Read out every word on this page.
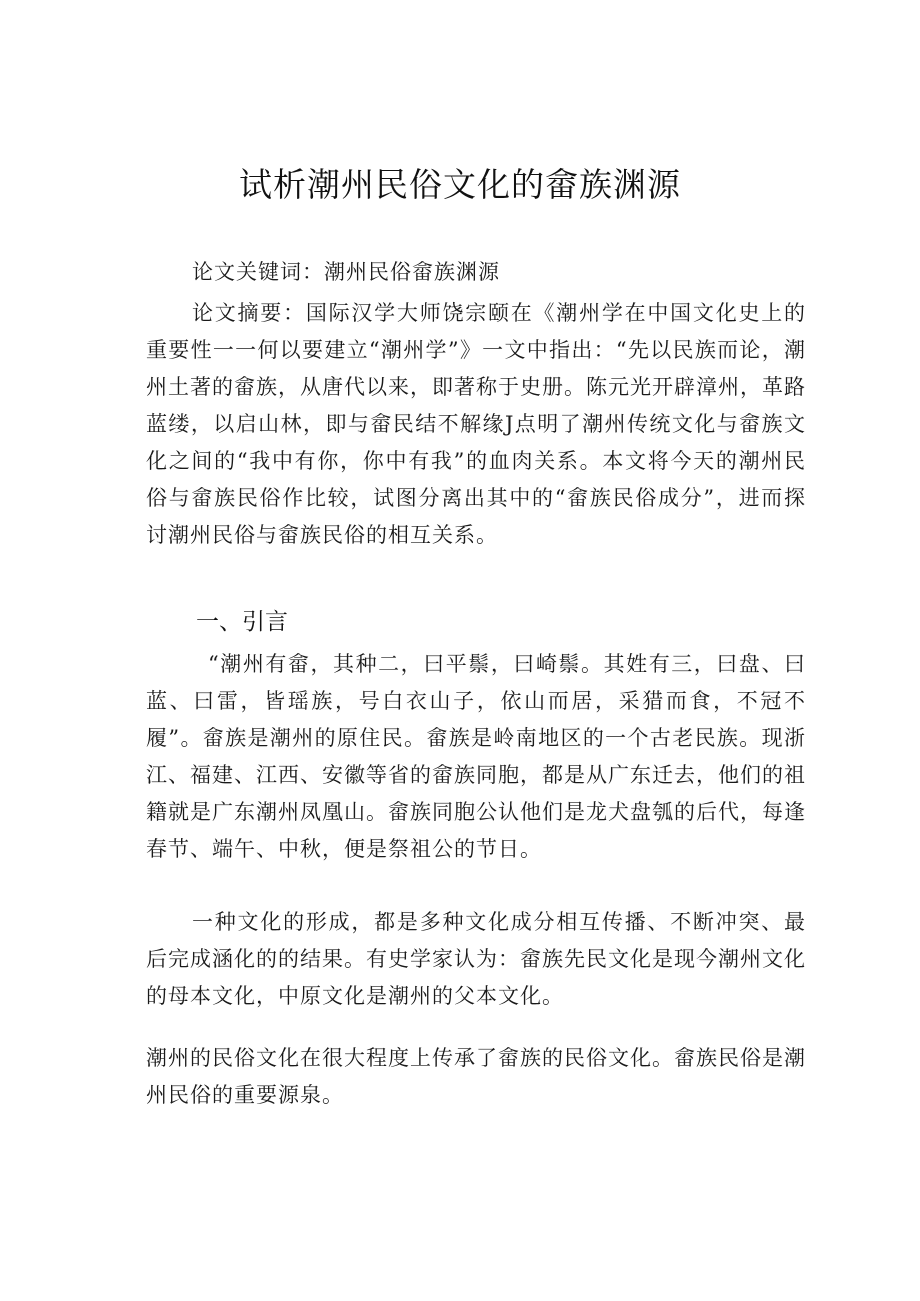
试析潮州民俗文化的畲族渊源
论文关键词：潮州民俗畲族渊源
论文摘要：国际汉学大师饶宗颐在《潮州学在中国文化史上的重要性一一何以要建立“潮州学”》一文中指出：“先以民族而论，潮州土著的畲族，从唐代以来，即著称于史册。陈元光开辟漳州，革路蓝缕，以启山林，即与畲民结不解缘J点明了潮州传统文化与畲族文化之间的“我中有你，你中有我”的血肉关系。本文将今天的潮州民俗与畲族民俗作比较，试图分离出其中的“畲族民俗成分”，进而探讨潮州民俗与畲族民俗的相互关系。
一、引言
“潮州有畲，其种二，曰平鬃，曰崎鬃。其姓有三，曰盘、曰蓝、曰雷，皆瑶族，号白衣山子，依山而居，采猎而食，不冠不履”。畲族是潮州的原住民。畲族是岭南地区的一个古老民族。现浙江、福建、江西、安徽等省的畲族同胞，都是从广东迁去，他们的祖籍就是广东潮州凤凰山。畲族同胞公认他们是龙犬盘瓠的后代，每逢春节、端午、中秋，便是祭祖公的节日。
一种文化的形成，都是多种文化成分相互传播、不断冲突、最后完成涵化的的结果。有史学家认为：畲族先民文化是现今潮州文化的母本文化，中原文化是潮州的父本文化。
潮州的民俗文化在很大程度上传承了畲族的民俗文化。畲族民俗是潮州民俗的重要源泉。
